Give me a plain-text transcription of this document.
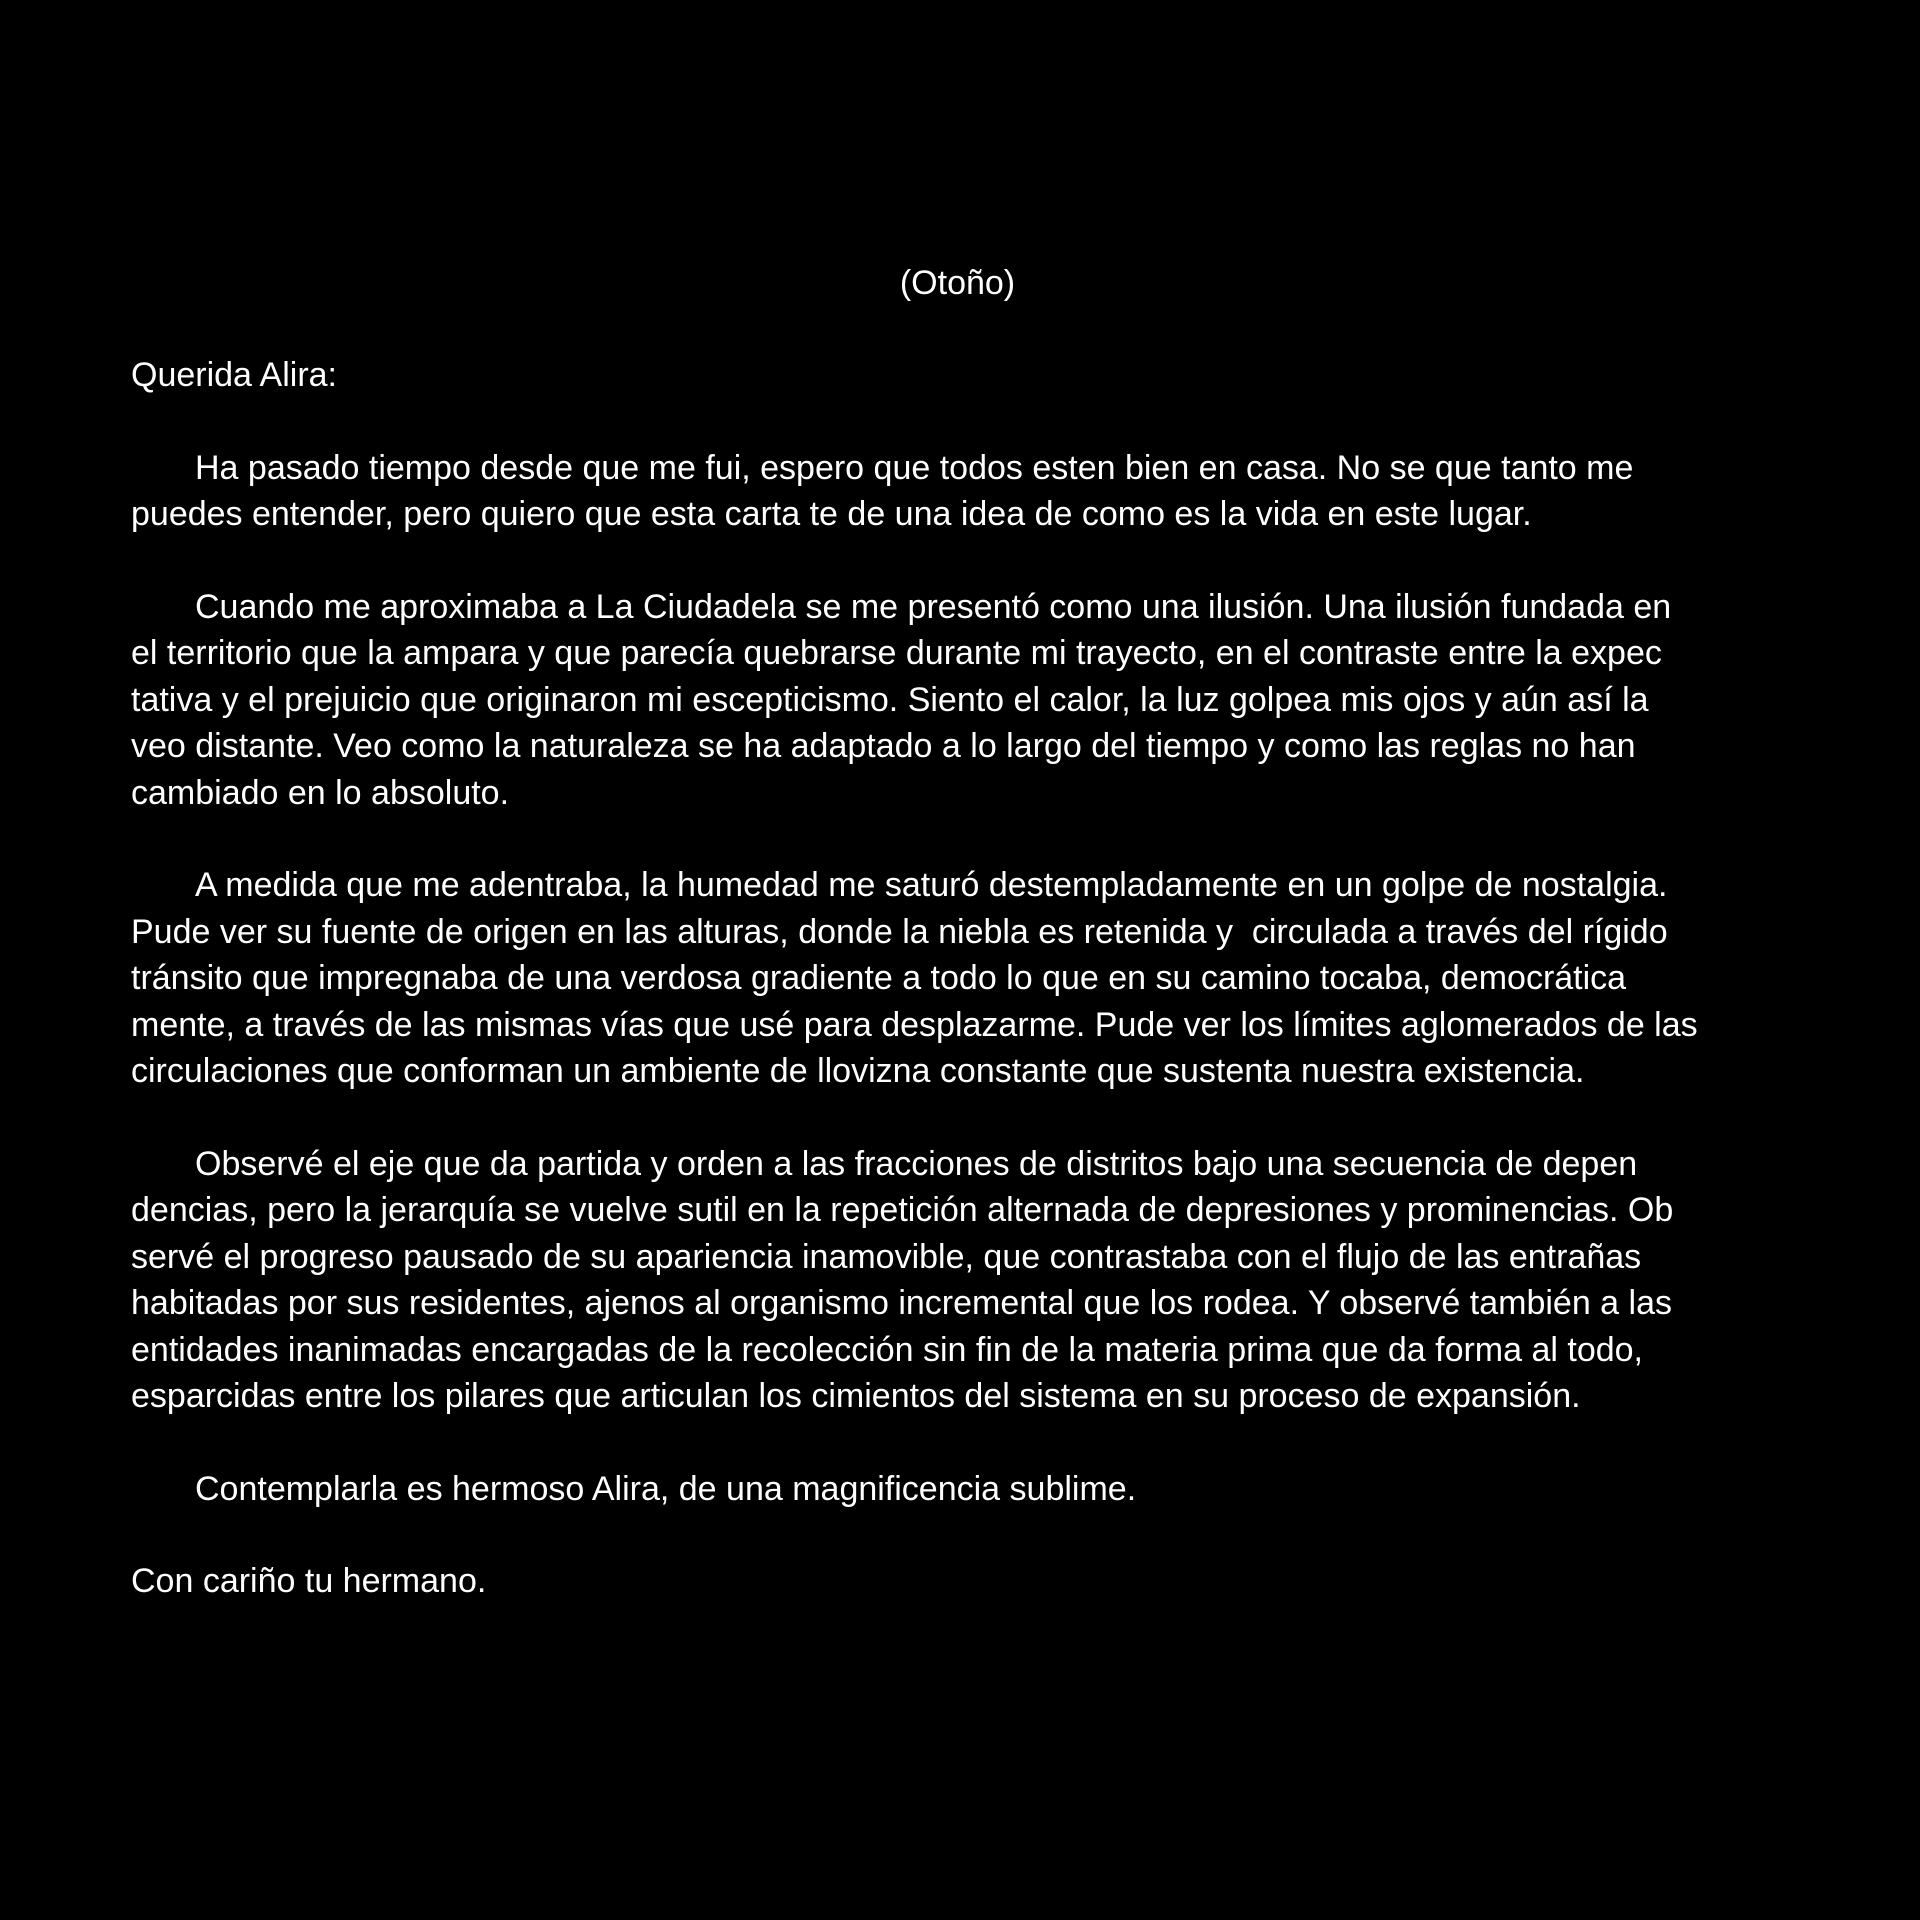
(Otoño)
Querida Alira:
Ha pasado tiempo desde que me fui, espero que todos esten bien en casa. No se que tanto me
puedes entender, pero quiero que esta carta te de una idea de como es la vida en este lugar.
Cuando me aproximaba a La Ciudadela se me presentó como una ilusión. Una ilusión fundada en
el territorio que la ampara y que parecía quebrarse durante mi trayecto, en el contraste entre la expec
tativa y el prejuicio que originaron mi escepticismo. Siento el calor, la luz golpea mis ojos y aún así la
veo distante. Veo como la naturaleza se ha adaptado a lo largo del tiempo y como las reglas no han
cambiado en lo absoluto.
A medida que me adentraba, la humedad me saturó destempladamente en un golpe de nostalgia.
Pude ver su fuente de origen en las alturas, donde la niebla es retenida y  circulada a través del rígido
tránsito que impregnaba de una verdosa gradiente a todo lo que en su camino tocaba, democrática
mente, a través de las mismas vías que usé para desplazarme. Pude ver los límites aglomerados de las
circulaciones que conforman un ambiente de llovizna constante que sustenta nuestra existencia.
Observé el eje que da partida y orden a las fracciones de distritos bajo una secuencia de depen
dencias, pero la jerarquía se vuelve sutil en la repetición alternada de depresiones y prominencias. Ob
servé el progreso pausado de su apariencia inamovible, que contrastaba con el flujo de las entrañas
habitadas por sus residentes, ajenos al organismo incremental que los rodea. Y observé también a las
entidades inanimadas encargadas de la recolección sin fin de la materia prima que da forma al todo,
esparcidas entre los pilares que articulan los cimientos del sistema en su proceso de expansión.
Contemplarla es hermoso Alira, de una magnificencia sublime.
Con cariño tu hermano.
